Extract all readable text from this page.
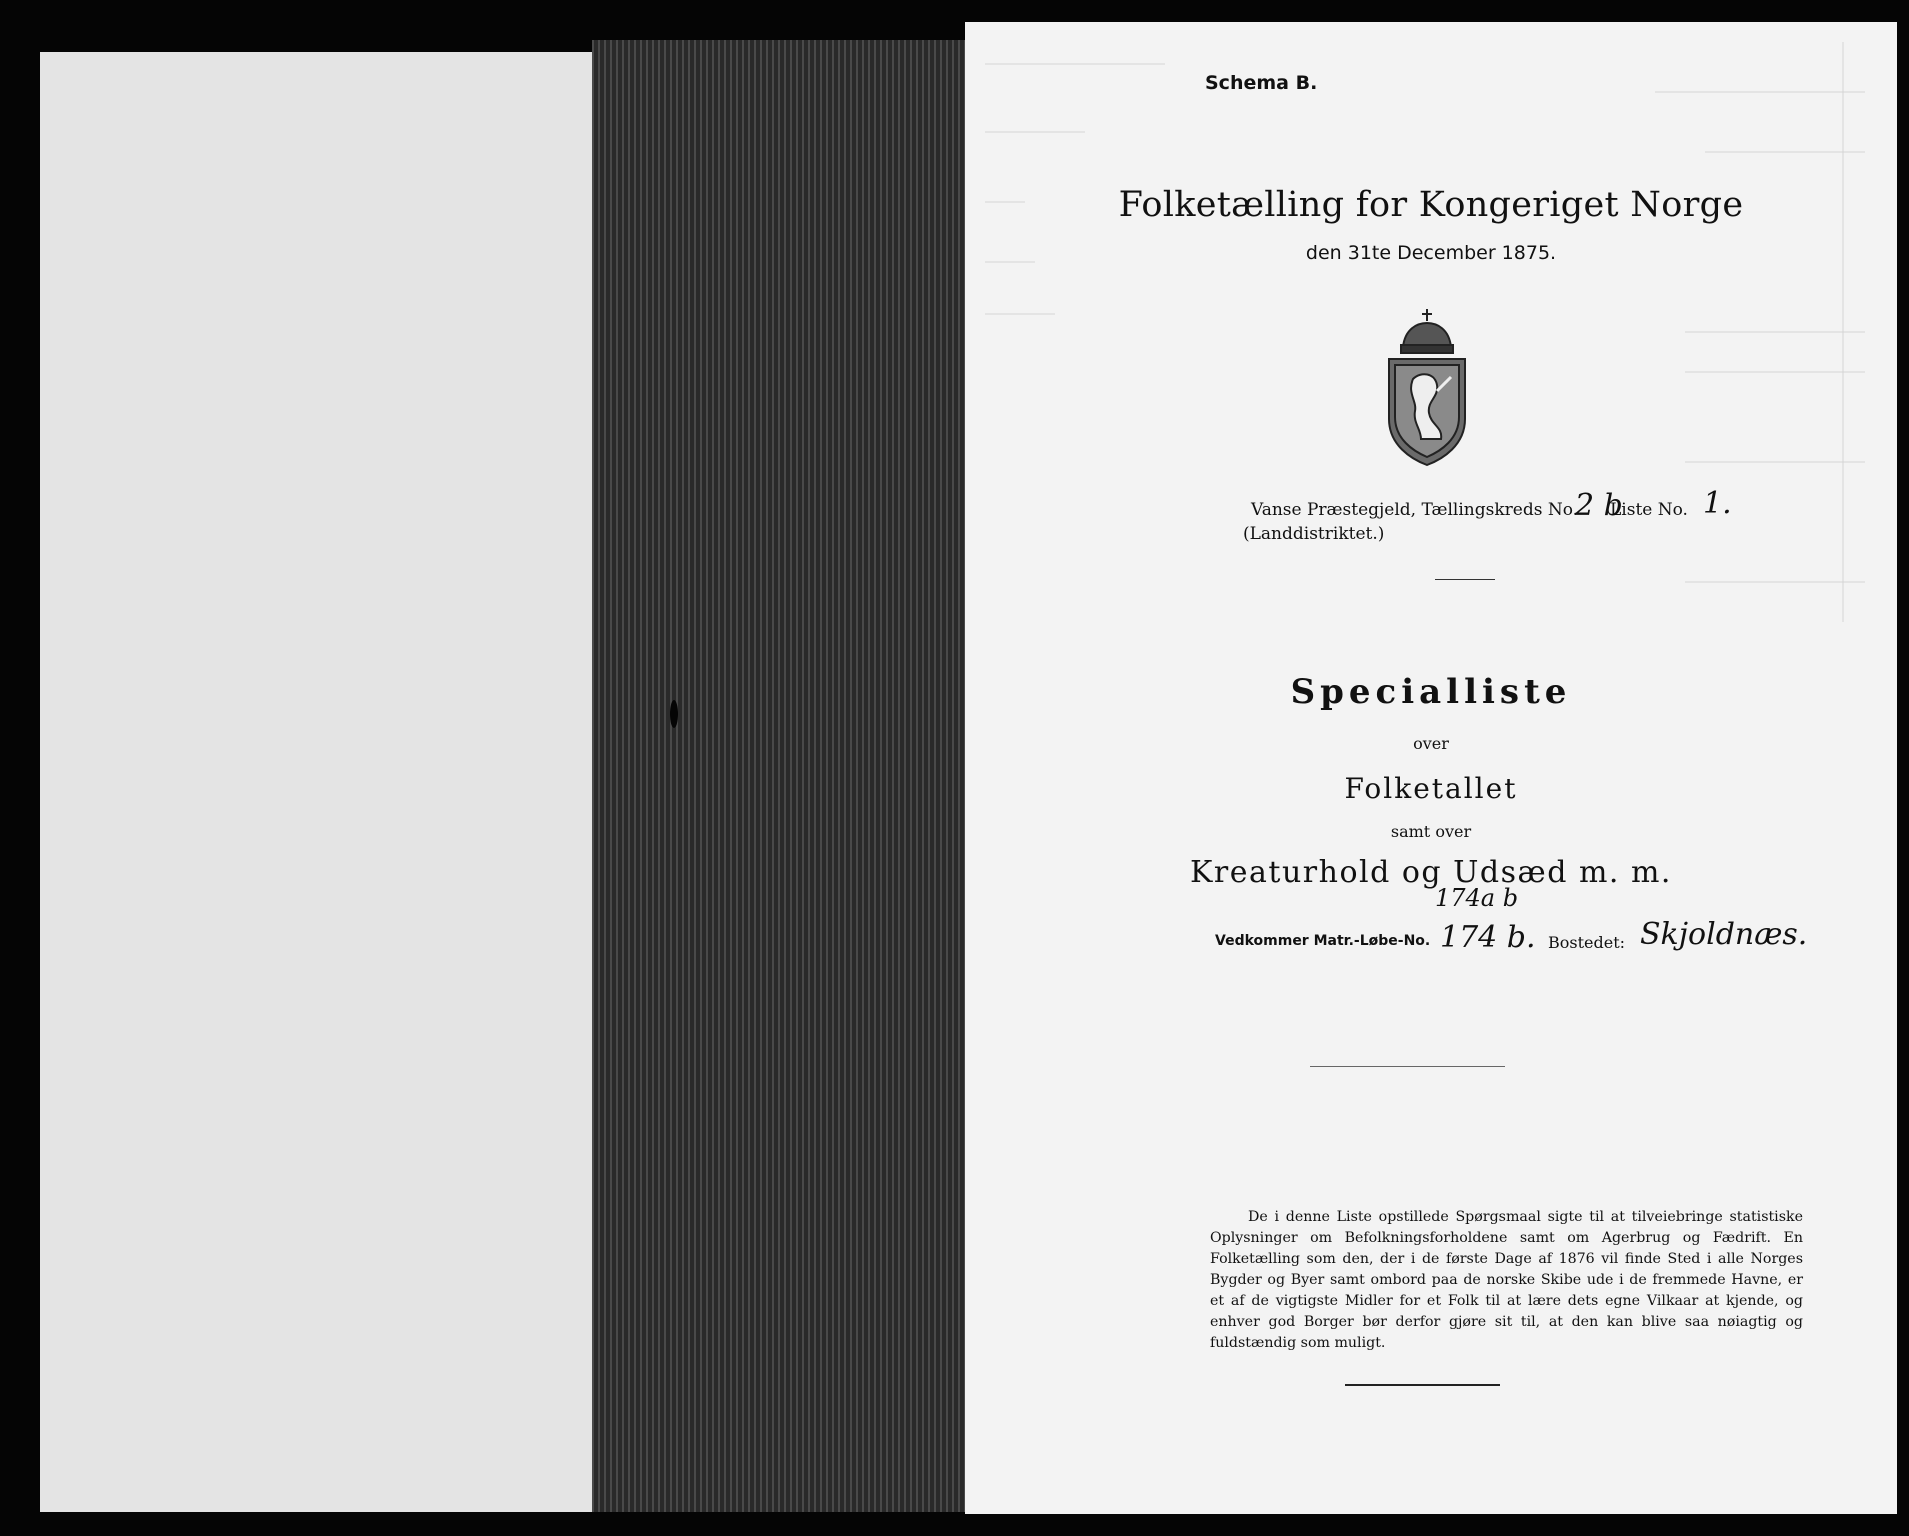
Schema B.
Folketælling for Kongeriget Norge
den 31te December 1875.
Vanse Præstegjeld, Tællingskreds No.
2 b
Liste No. 1.
(Landdistriktet.)
Specialliste
over
Folketallet
samt over
Kreaturhold og Udsæd m. m.
174a b
Vedkommer Matr.-Løbe-No. 174 b. Bostedet: Skjoldnæs.
De i denne Liste opstillede Spørgsmaal sigte til at tilveiebringe statistiske Oplysninger om Befolkningsforholdene samt om Agerbrug og Fædrift. En Folketælling som den, der i de første Dage af 1876 vil finde Sted i alle Norges Bygder og Byer samt ombord paa de norske Skibe ude i de fremmede Havne, er et af de vigtigste Midler for et Folk til at lære dets egne Vilkaar at kjende, og enhver god Borger bør derfor gjøre sit til, at den kan blive saa nøiagtig og fuldstændig som muligt.
